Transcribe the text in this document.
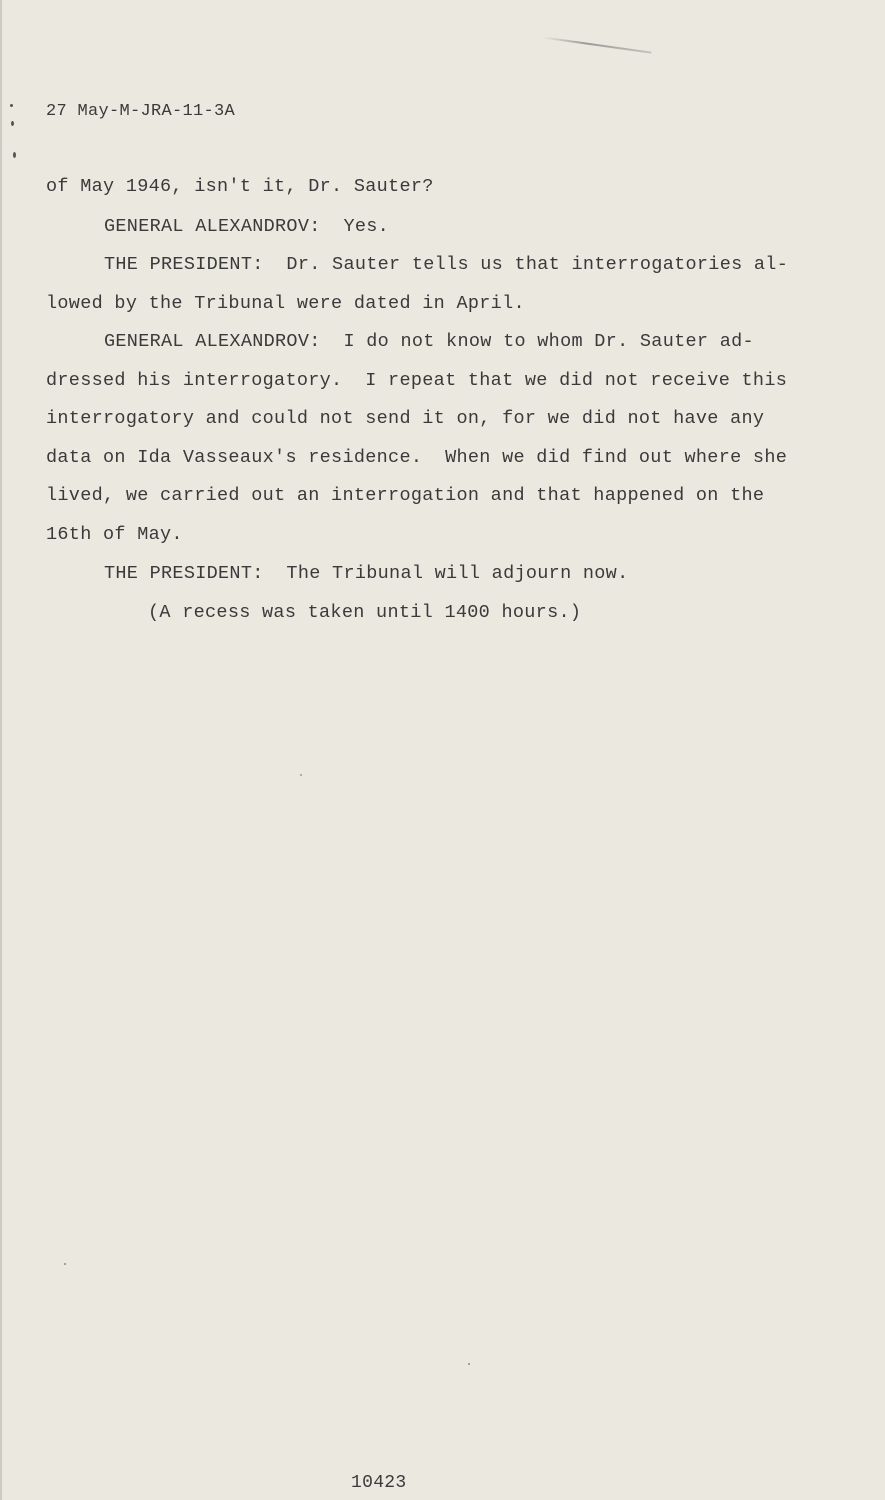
27 May-M-JRA-11-3A

of May 1946, isn't it, Dr. Sauter?

GENERAL ALEXANDROV:  Yes.

THE PRESIDENT:  Dr. Sauter tells us that interrogatories al-

lowed by the Tribunal were dated in April.

GENERAL ALEXANDROV:  I do not know to whom Dr. Sauter ad-

dressed his interrogatory.  I repeat that we did not receive this

interrogatory and could not send it on, for we did not have any

data on Ida Vasseaux's residence.  When we did find out where she

lived, we carried out an interrogation and that happened on the

16th of May.

THE PRESIDENT:  The Tribunal will adjourn now.

(A recess was taken until 1400 hours.)

10423
